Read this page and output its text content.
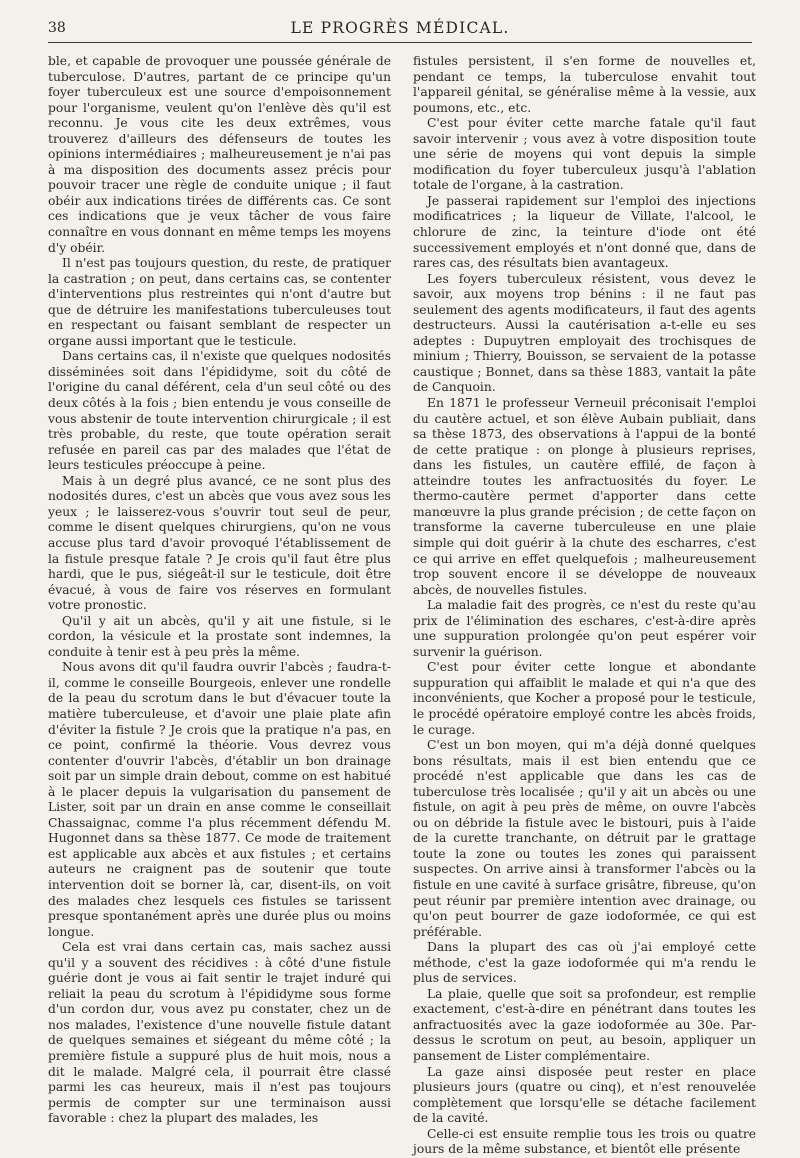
38	LE PROGRÈS MÉDICAL.

ble, et capable de provoquer une poussée générale de tuberculose. D'autres, partant de ce principe qu'un foyer tuberculeux est une source d'empoisonnement pour l'organisme, veulent qu'on l'enlève dès qu'il est reconnu. Je vous cite les deux extrêmes, vous trouverez d'ailleurs des défenseurs de toutes les opinions intermédiaires ; malheureusement je n'ai pas à ma disposition des documents assez précis pour pouvoir tracer une règle de conduite unique ; il faut obéir aux indications tirées de différents cas. Ce sont ces indications que je veux tâcher de vous faire connaître en vous donnant en même temps les moyens d'y obéir.

Il n'est pas toujours question, du reste, de pratiquer la castration ; on peut, dans certains cas, se contenter d'interventions plus restreintes qui n'ont d'autre but que de détruire les manifestations tuberculeuses tout en respectant ou faisant semblant de respecter un organe aussi important que le testicule.

Dans certains cas, il n'existe que quelques nodosités disséminées soit dans l'épididyme, soit du côté de l'origine du canal déférent, cela d'un seul côté ou des deux côtés à la fois ; bien entendu je vous conseille de vous abstenir de toute intervention chirurgicale ; il est très probable, du reste, que toute opération serait refusée en pareil cas par des malades que l'état de leurs testicules préoccupe à peine.

Mais à un degré plus avancé, ce ne sont plus des nodosités dures, c'est un abcès que vous avez sous les yeux ; le laisserez-vous s'ouvrir tout seul de peur, comme le disent quelques chirurgiens, qu'on ne vous accuse plus tard d'avoir provoqué l'établissement de la fistule presque fatale ? Je crois qu'il faut être plus hardi, que le pus, siégeât-il sur le testicule, doit être évacué, à vous de faire vos réserves en formulant votre pronostic.

Qu'il y ait un abcès, qu'il y ait une fistule, si le cordon, la vésicule et la prostate sont indemnes, la conduite à tenir est à peu près la même.

Nous avons dit qu'il faudra ouvrir l'abcès ; faudra-t-il, comme le conseille Bourgeois, enlever une rondelle de la peau du scrotum dans le but d'évacuer toute la matière tuberculeuse, et d'avoir une plaie plate afin d'éviter la fistule ? Je crois que la pratique n'a pas, en ce point, confirmé la théorie. Vous devrez vous contenter d'ouvrir l'abcès, d'établir un bon drainage soit par un simple drain debout, comme on est habitué à le placer depuis la vulgarisation du pansement de Lister, soit par un drain en anse comme le conseillait Chassaignac, comme l'a plus récemment défendu M. Hugonnet dans sa thèse 1877. Ce mode de traitement est applicable aux abcès et aux fistules ; et certains auteurs ne craignent pas de soutenir que toute intervention doit se borner là, car, disent-ils, on voit des malades chez lesquels ces fistules se tarissent presque spontanément après une durée plus ou moins longue.

Cela est vrai dans certain cas, mais sachez aussi qu'il y a souvent des récidives : à côté d'une fistule guérie dont je vous ai fait sentir le trajet induré qui reliait la peau du scrotum à l'épididyme sous forme d'un cordon dur, vous avez pu constater, chez un de nos malades, l'existence d'une nouvelle fistule datant de quelques semaines et siégeant du même côté ; la première fistule a suppuré plus de huit mois, nous a dit le malade. Malgré cela, il pourrait être classé parmi les cas heureux, mais il n'est pas toujours permis de compter sur une terminaison aussi favorable : chez la plupart des malades, les

fistules persistent, il s'en forme de nouvelles et, pendant ce temps, la tuberculose envahit tout l'appareil génital, se généralise même à la vessie, aux poumons, etc., etc.

C'est pour éviter cette marche fatale qu'il faut savoir intervenir ; vous avez à votre disposition toute une série de moyens qui vont depuis la simple modification du foyer tuberculeux jusqu'à l'ablation totale de l'organe, à la castration.

Je passerai rapidement sur l'emploi des injections modificatrices ; la liqueur de Villate, l'alcool, le chlorure de zinc, la teinture d'iode ont été successivement employés et n'ont donné que, dans de rares cas, des résultats bien avantageux.

Les foyers tuberculeux résistent, vous devez le savoir, aux moyens trop bénins : il ne faut pas seulement des agents modificateurs, il faut des agents destructeurs. Aussi la cautérisation a-t-elle eu ses adeptes : Dupuytren employait des trochisques de minium ; Thierry, Bouisson, se servaient de la potasse caustique ; Bonnet, dans sa thèse 1883, vantait la pâte de Canquoin.

En 1871 le professeur Verneuil préconisait l'emploi du cautère actuel, et son élève Aubain publiait, dans sa thèse 1873, des observations à l'appui de la bonté de cette pratique : on plonge à plusieurs reprises, dans les fistules, un cautère effilé, de façon à atteindre toutes les anfractuosités du foyer. Le thermo-cautère permet d'apporter dans cette manœuvre la plus grande précision ; de cette façon on transforme la caverne tuberculeuse en une plaie simple qui doit guérir à la chute des escharres, c'est ce qui arrive en effet quelquefois ; malheureusement trop souvent encore il se développe de nouveaux abcès, de nouvelles fistules.

La maladie fait des progrès, ce n'est du reste qu'au prix de l'élimination des eschares, c'est-à-dire après une suppuration prolongée qu'on peut espérer voir survenir la guérison.

C'est pour éviter cette longue et abondante suppuration qui affaiblit le malade et qui n'a que des inconvénients, que Kocher a proposé pour le testicule, le procédé opératoire employé contre les abcès froids, le curage.

C'est un bon moyen, qui m'a déjà donné quelques bons résultats, mais il est bien entendu que ce procédé n'est applicable que dans les cas de tuberculose très localisée ; qu'il y ait un abcès ou une fistule, on agit à peu près de même, on ouvre l'abcès ou on débride la fistule avec le bistouri, puis à l'aide de la curette tranchante, on détruit par le grattage toute la zone ou toutes les zones qui paraissent suspectes. On arrive ainsi à transformer l'abcès ou la fistule en une cavité à surface grisâtre, fibreuse, qu'on peut réunir par première intention avec drainage, ou qu'on peut bourrer de gaze iodoformée, ce qui est préférable.

Dans la plupart des cas où j'ai employé cette méthode, c'est la gaze iodoformée qui m'a rendu le plus de services.

La plaie, quelle que soit sa profondeur, est remplie exactement, c'est-à-dire en pénétrant dans toutes les anfractuosités avec la gaze iodoformée au 30e. Par-dessus le scrotum on peut, au besoin, appliquer un pansement de Lister complémentaire.

La gaze ainsi disposée peut rester en place plusieurs jours (quatre ou cinq), et n'est renouvelée complètement que lorsqu'elle se détache facilement de la cavité.

Celle-ci est ensuite remplie tous les trois ou quatre jours de la même substance, et bientôt elle présente
